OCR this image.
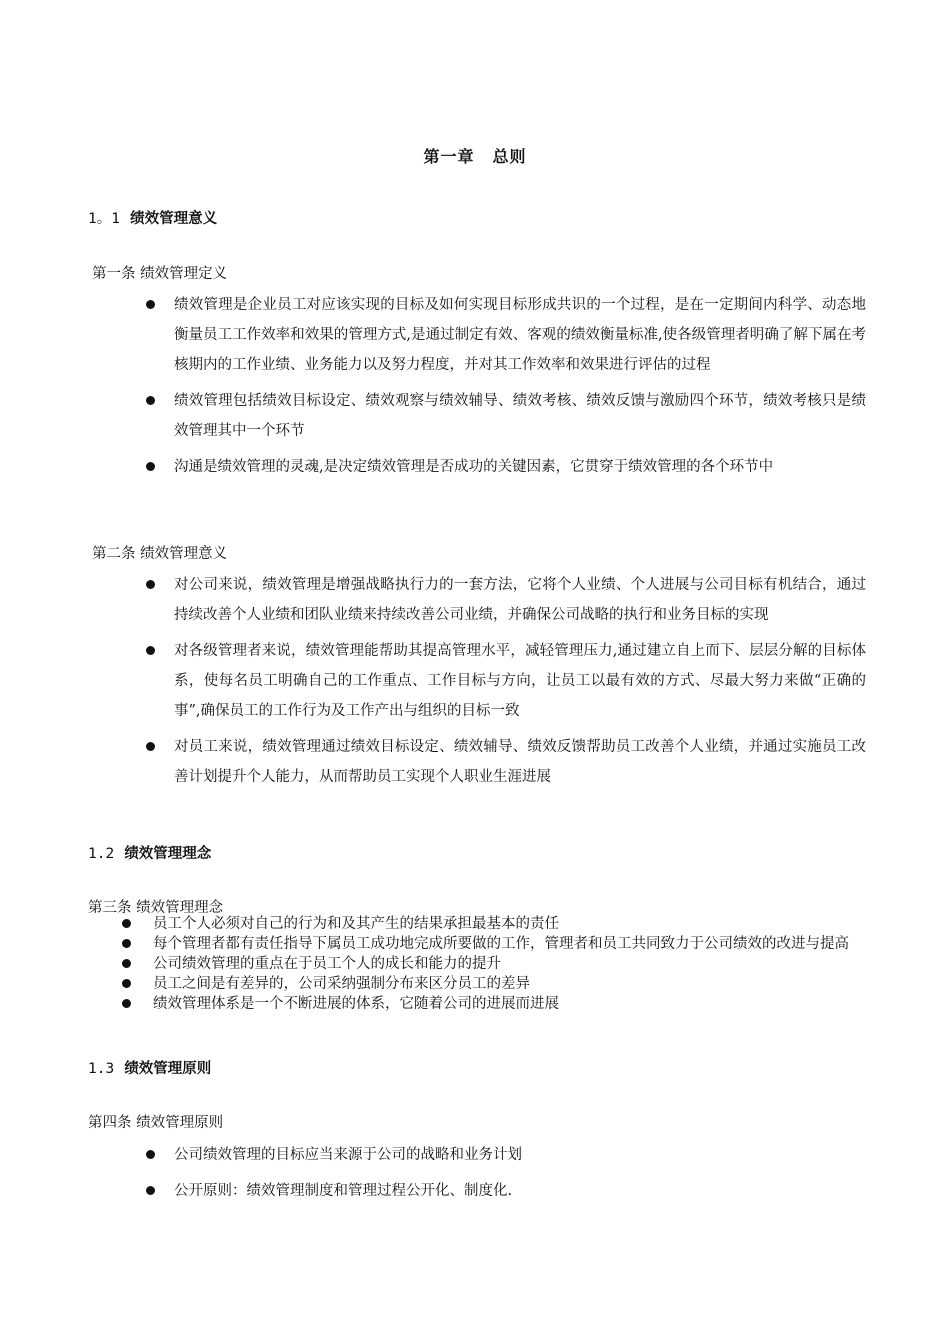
第一章 总则
1。1 绩效管理意义

第一条 绩效管理定义

绩效管理是企业员工对应该实现的目标及如何实现目标形成共识的一个过程，是在一定期间内科学、动态地衡量员工工作效率和效果的管理方式,是通过制定有效、客观的绩效衡量标准,使各级管理者明确了解下属在考核期内的工作业绩、业务能力以及努力程度，并对其工作效率和效果进行评估的过程
绩效管理包括绩效目标设定、绩效观察与绩效辅导、绩效考核、绩效反馈与激励四个环节，绩效考核只是绩效管理其中一个环节
沟通是绩效管理的灵魂,是决定绩效管理是否成功的关键因素，它贯穿于绩效管理的各个环节中

第二条 绩效管理意义

对公司来说，绩效管理是增强战略执行力的一套方法，它将个人业绩、个人进展与公司目标有机结合，通过持续改善个人业绩和团队业绩来持续改善公司业绩，并确保公司战略的执行和业务目标的实现
对各级管理者来说，绩效管理能帮助其提高管理水平，减轻管理压力,通过建立自上而下、层层分解的目标体系，使每名员工明确自己的工作重点、工作目标与方向，让员工以最有效的方式、尽最大努力来做“正确的事”,确保员工的工作行为及工作产出与组织的目标一致
对员工来说，绩效管理通过绩效目标设定、绩效辅导、绩效反馈帮助员工改善个人业绩，并通过实施员工改善计划提升个人能力，从而帮助员工实现个人职业生涯进展
1.2 绩效管理理念

第三条 绩效管理理念

员工个人必须对自己的行为和及其产生的结果承担最基本的责任
每个管理者都有责任指导下属员工成功地完成所要做的工作，管理者和员工共同致力于公司绩效的改进与提高
公司绩效管理的重点在于员工个人的成长和能力的提升
员工之间是有差异的，公司采纳强制分布来区分员工的差异
绩效管理体系是一个不断进展的体系，它随着公司的进展而进展
1.3 绩效管理原则

第四条 绩效管理原则

公司绩效管理的目标应当来源于公司的战略和业务计划
公开原则：绩效管理制度和管理过程公开化、制度化.
